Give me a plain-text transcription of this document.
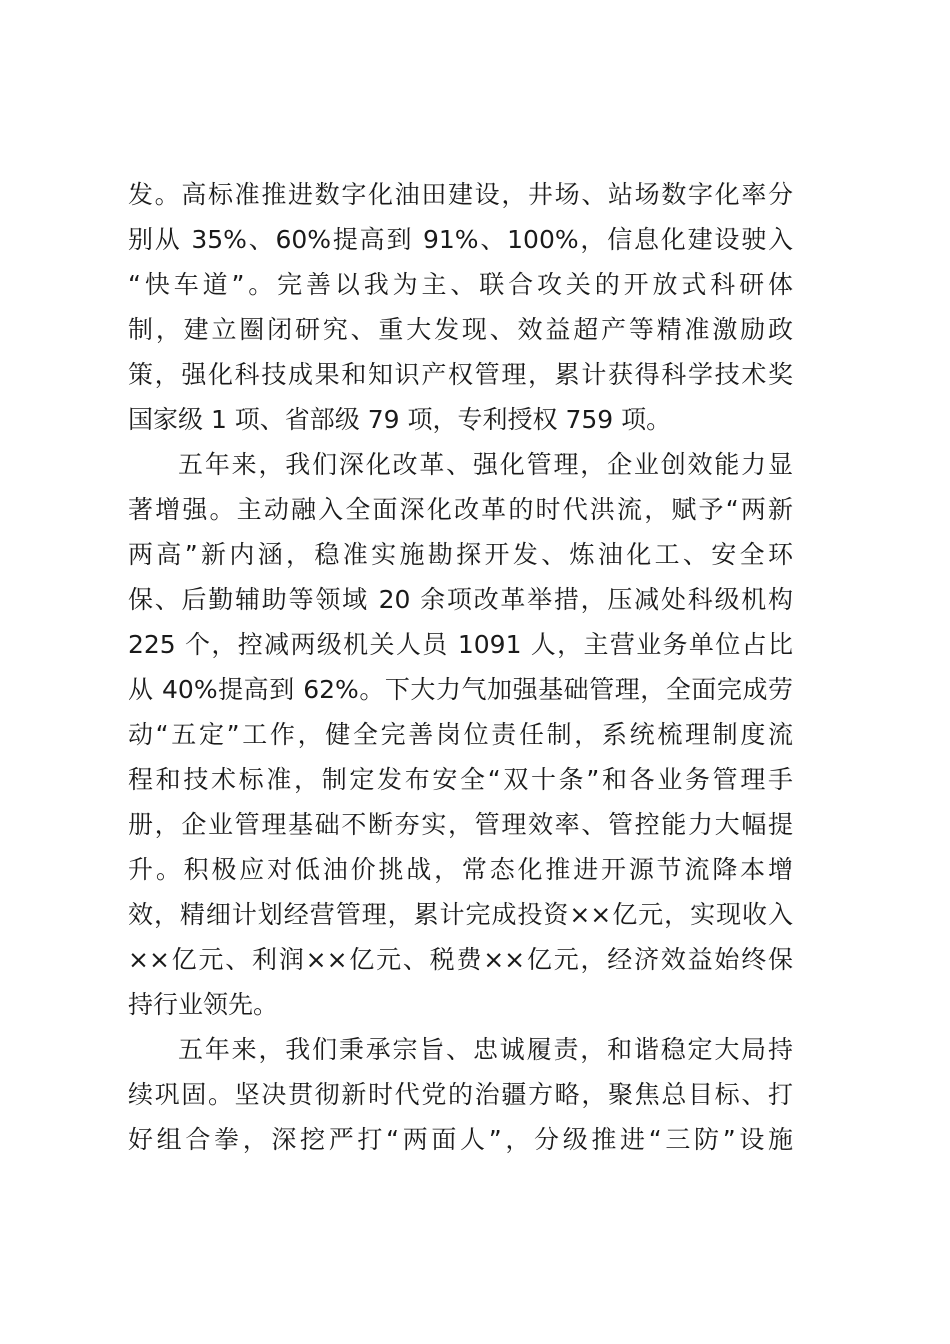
发。高标准推进数字化油田建设，井场、站场数字化率分
别从 35%、60%提高到 91%、100%，信息化建设驶入
“快车道”。完善以我为主、联合攻关的开放式科研体
制，建立圈闭研究、重大发现、效益超产等精准激励政
策，强化科技成果和知识产权管理，累计获得科学技术奖
国家级 1 项、省部级 79 项，专利授权 759 项。
五年来，我们深化改革、强化管理，企业创效能力显
著增强。主动融入全面深化改革的时代洪流，赋予“两新
两高”新内涵，稳准实施勘探开发、炼油化工、安全环
保、后勤辅助等领域 20 余项改革举措，压减处科级机构
225 个，控减两级机关人员 1091 人，主营业务单位占比
从 40%提高到 62%。下大力气加强基础管理，全面完成劳
动“五定”工作，健全完善岗位责任制，系统梳理制度流
程和技术标准，制定发布安全“双十条”和各业务管理手
册，企业管理基础不断夯实，管理效率、管控能力大幅提
升。积极应对低油价挑战，常态化推进开源节流降本增
效，精细计划经营管理，累计完成投资××亿元，实现收入
××亿元、利润××亿元、税费××亿元，经济效益始终保
持行业领先。
五年来，我们秉承宗旨、忠诚履责，和谐稳定大局持
续巩固。坚决贯彻新时代党的治疆方略，聚焦总目标、打
好组合拳，深挖严打“两面人”，分级推进“三防”设施
